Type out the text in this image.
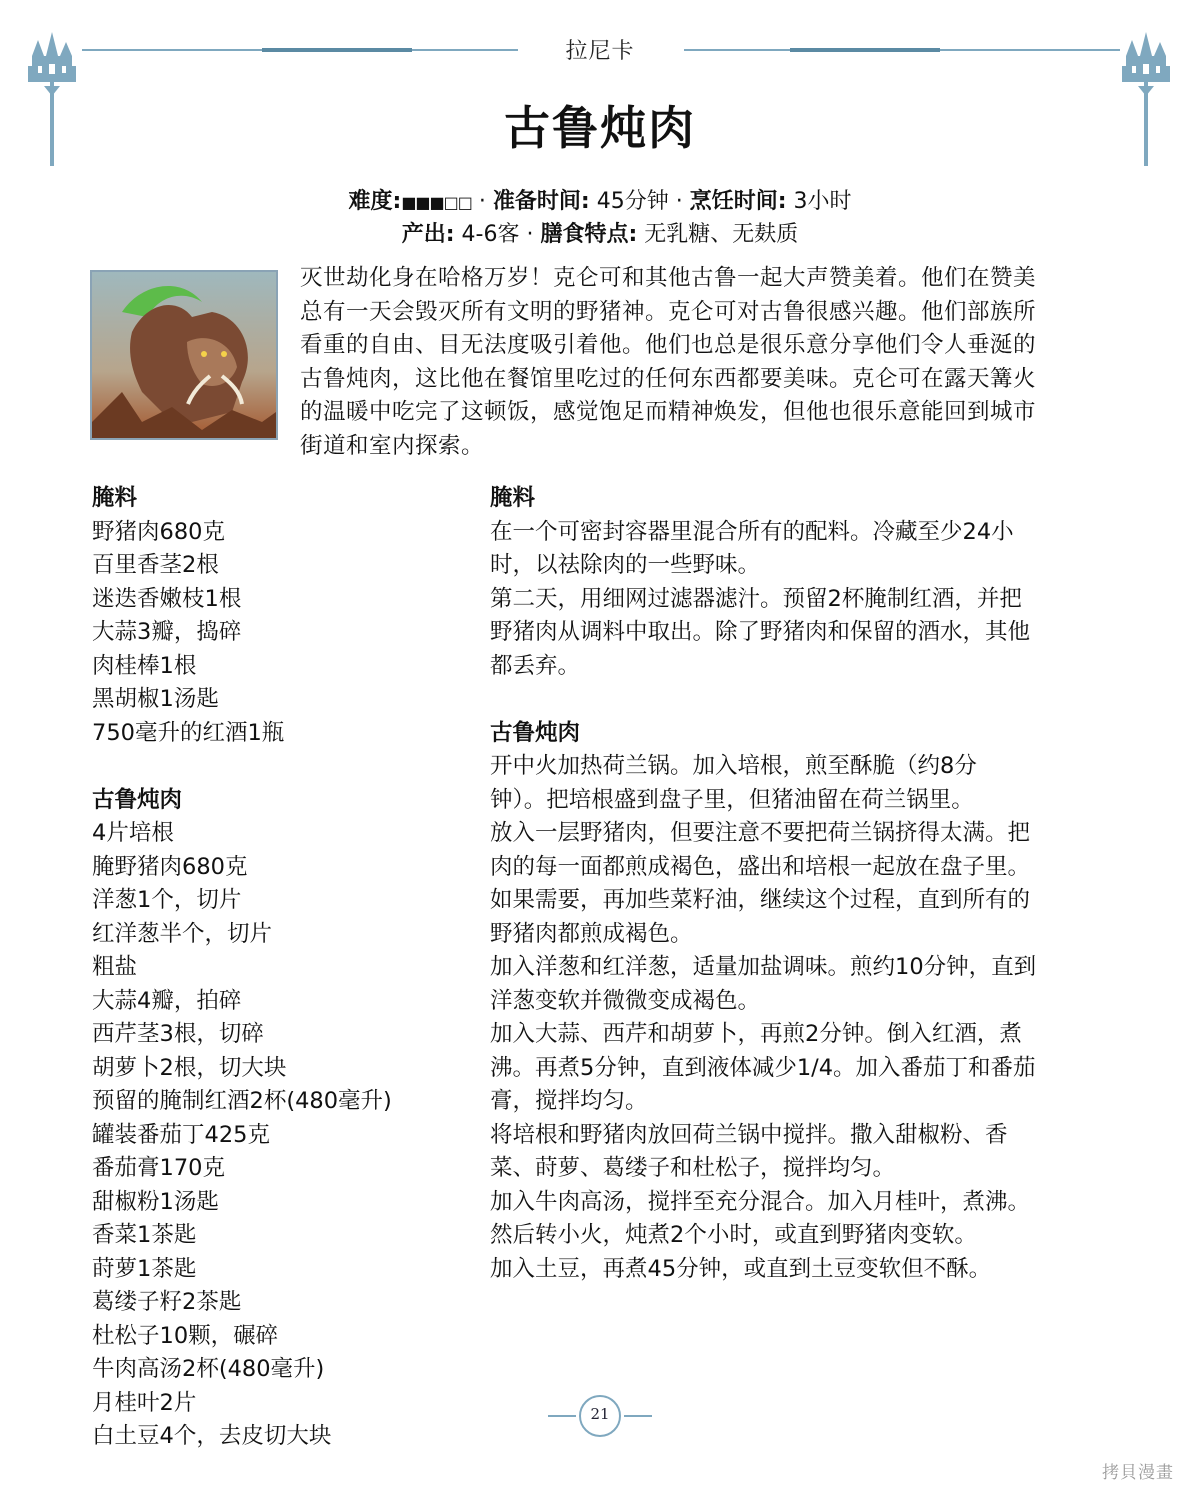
拉尼卡
古鲁炖肉
难度:■■■□□ · 准备时间: 45分钟 · 烹饪时间: 3小时
产出: 4-6客 · 膳食特点: 无乳糖、无麸质
灭世劫化身在哈格万岁！克仑可和其他古鲁一起大声赞美着。他们在赞美
总有一天会毁灭所有文明的野猪神。克仑可对古鲁很感兴趣。他们部族所
看重的自由、目无法度吸引着他。他们也总是很乐意分享他们令人垂涎的
古鲁炖肉，这比他在餐馆里吃过的任何东西都要美味。克仑可在露天篝火
的温暖中吃完了这顿饭，感觉饱足而精神焕发，但他也很乐意能回到城市
街道和室内探索。
腌料
野猪肉680克
百里香茎2根
迷迭香嫩枝1根
大蒜3瓣，捣碎
肉桂棒1根
黑胡椒1汤匙
750毫升的红酒1瓶
古鲁炖肉
4片培根
腌野猪肉680克
洋葱1个，切片
红洋葱半个，切片
粗盐
大蒜4瓣，拍碎
西芹茎3根，切碎
胡萝卜2根，切大块
预留的腌制红酒2杯(480毫升)
罐装番茄丁425克
番茄膏170克
甜椒粉1汤匙
香菜1茶匙
莳萝1茶匙
葛缕子籽2茶匙
杜松子10颗，碾碎
牛肉高汤2杯(480毫升)
月桂叶2片
白土豆4个，去皮切大块
腌料
在一个可密封容器里混合所有的配料。冷藏至少24小
时，以祛除肉的一些野味。
第二天，用细网过滤器滤汁。预留2杯腌制红酒，并把
野猪肉从调料中取出。除了野猪肉和保留的酒水，其他
都丢弃。
古鲁炖肉
开中火加热荷兰锅。加入培根，煎至酥脆（约8分
钟）。把培根盛到盘子里，但猪油留在荷兰锅里。
放入一层野猪肉，但要注意不要把荷兰锅挤得太满。把
肉的每一面都煎成褐色，盛出和培根一起放在盘子里。
如果需要，再加些菜籽油，继续这个过程，直到所有的
野猪肉都煎成褐色。
加入洋葱和红洋葱，适量加盐调味。煎约10分钟，直到
洋葱变软并微微变成褐色。
加入大蒜、西芹和胡萝卜，再煎2分钟。倒入红酒，煮
沸。再煮5分钟，直到液体减少1/4。加入番茄丁和番茄
膏，搅拌均匀。
将培根和野猪肉放回荷兰锅中搅拌。撒入甜椒粉、香
菜、莳萝、葛缕子和杜松子，搅拌均匀。
加入牛肉高汤，搅拌至充分混合。加入月桂叶，煮沸。
然后转小火，炖煮2个小时，或直到野猪肉变软。
加入土豆，再煮45分钟，或直到土豆变软但不酥。
21
拷貝漫畫
